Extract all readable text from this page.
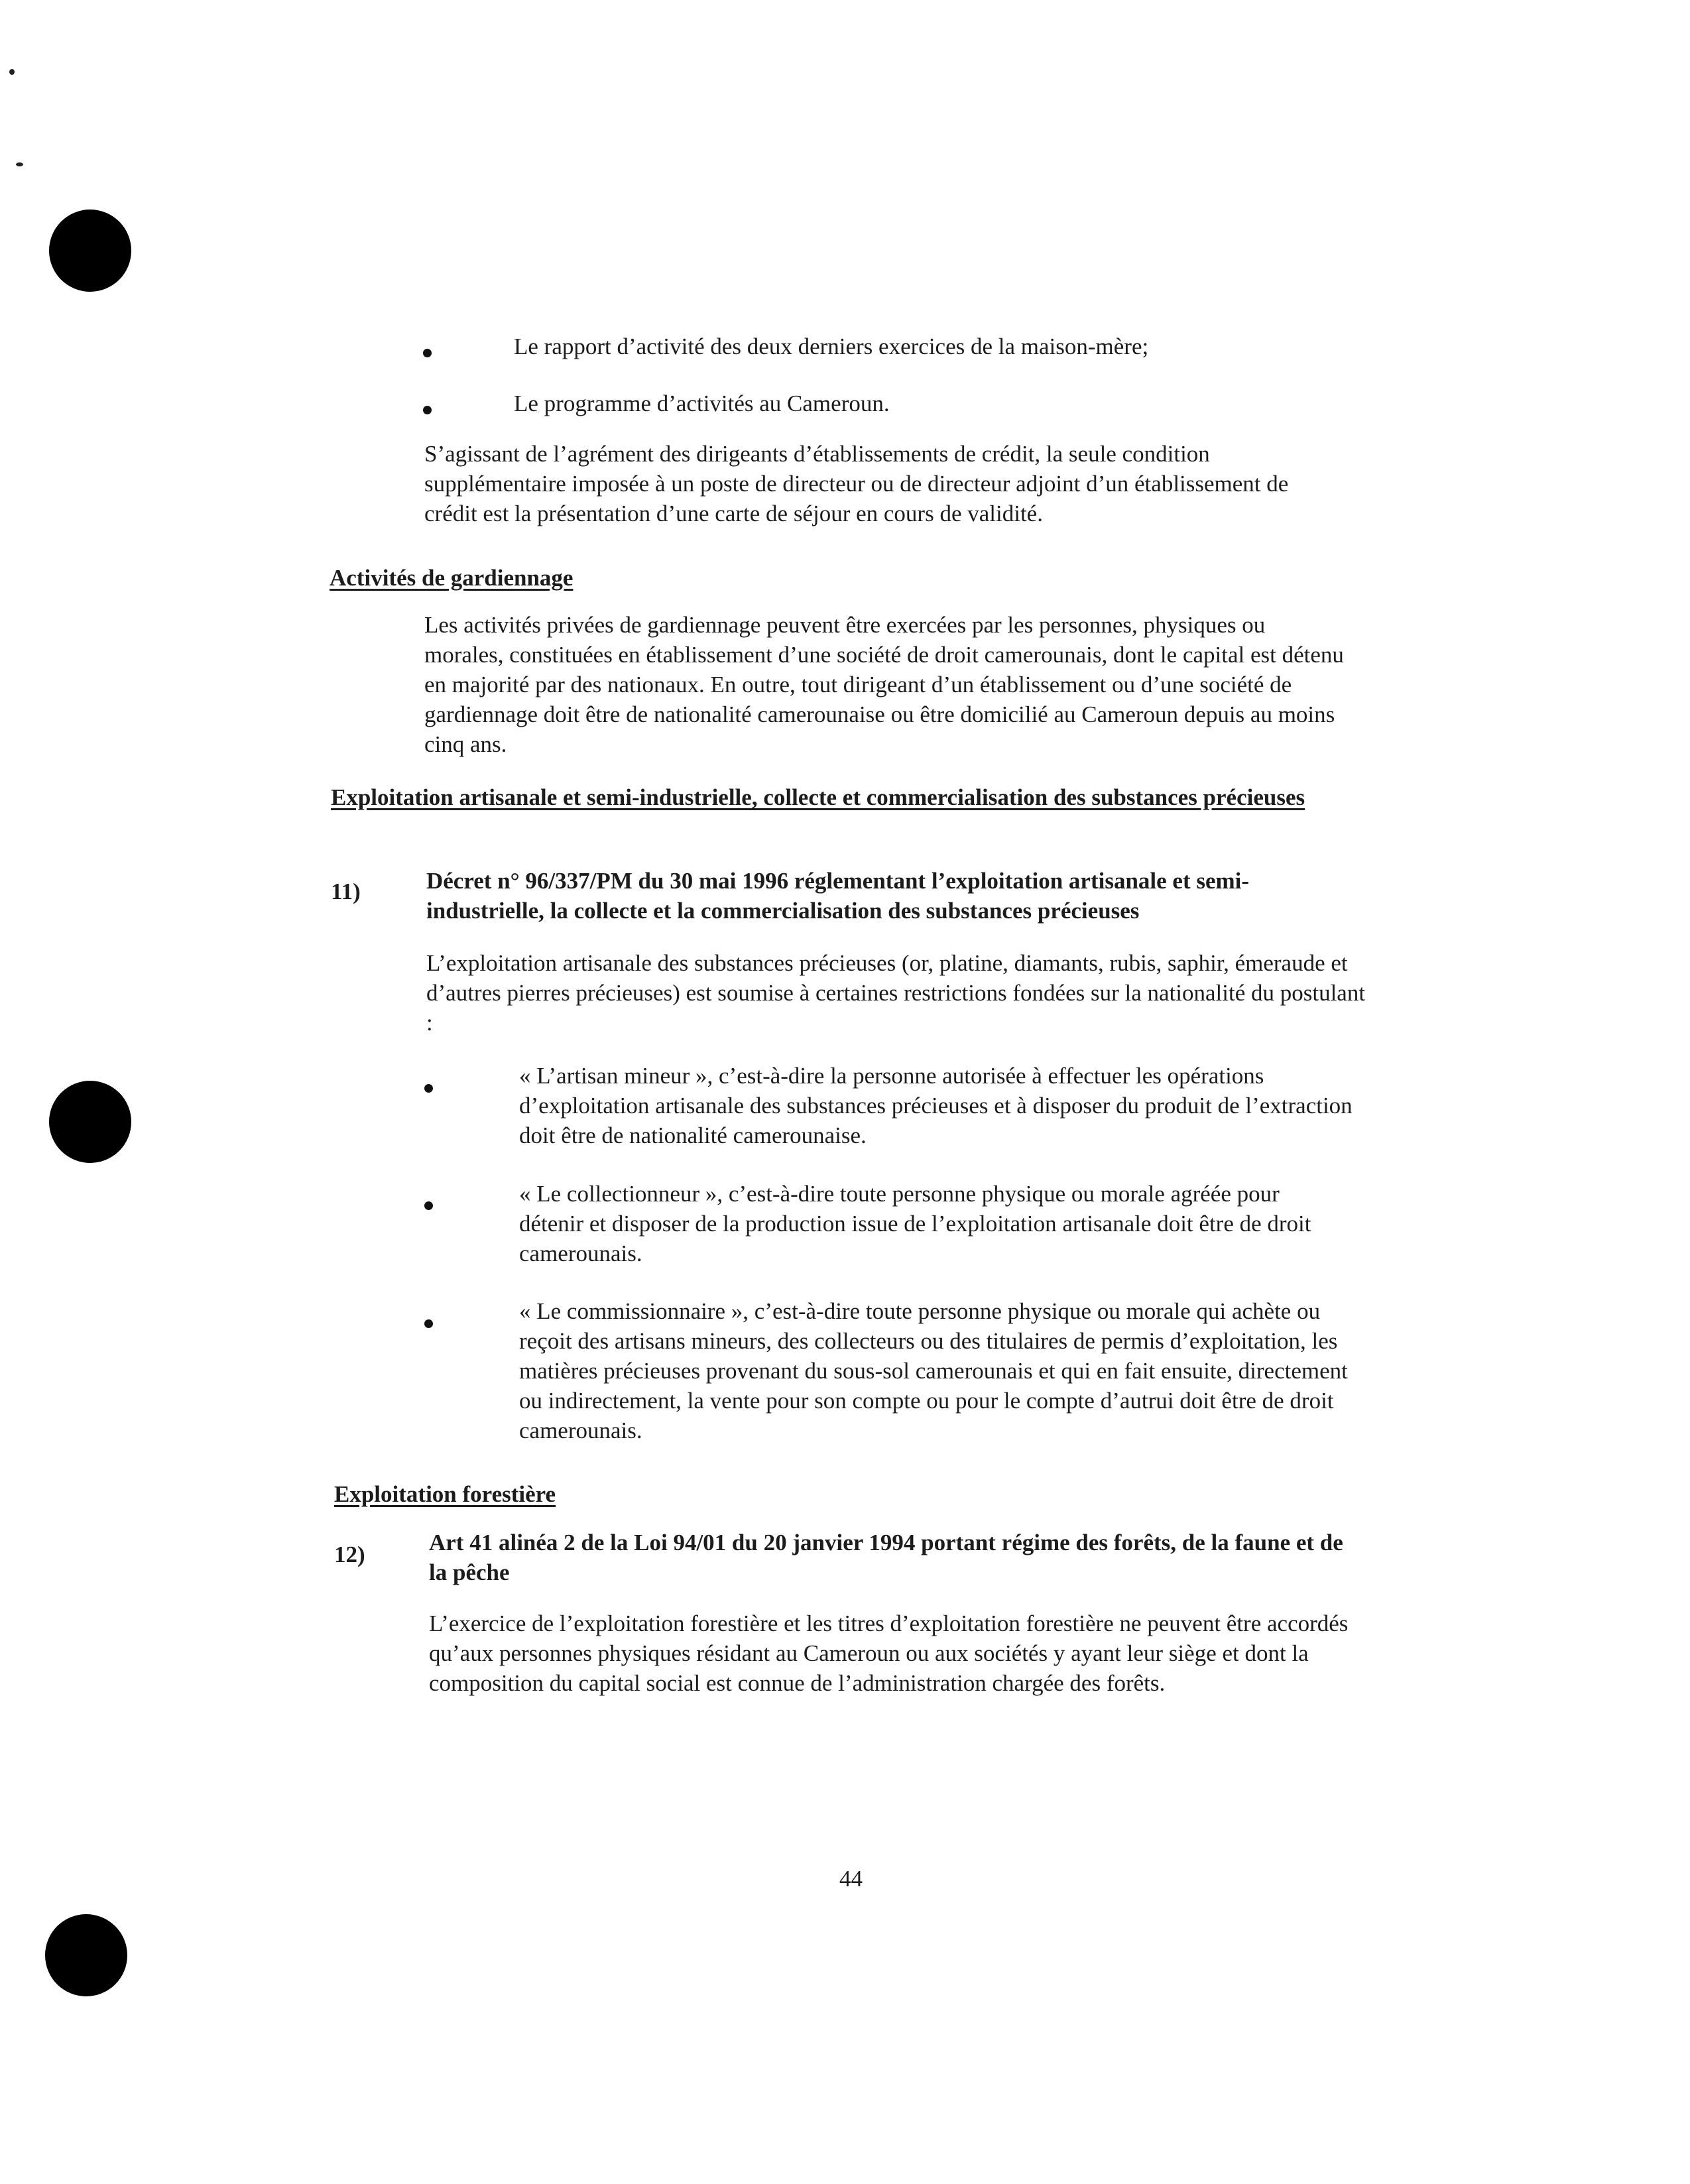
Le rapport d’activité des deux derniers exercices de la maison-mère;
Le programme d’activités au Cameroun.
S’agissant de l’agrément des dirigeants d’établissements de crédit, la seule condition supplémentaire imposée à un poste de directeur ou de directeur adjoint d’un établissement de crédit est la présentation d’une carte de séjour en cours de validité.
Activités de gardiennage
Les activités privées de gardiennage peuvent être exercées par les personnes, physiques ou morales, constituées en établissement d’une société de droit camerounais, dont le capital est détenu en majorité par des nationaux. En outre, tout dirigeant d’un établissement ou d’une société de gardiennage doit être de nationalité camerounaise ou être domicilié au Cameroun depuis au moins cinq ans.
Exploitation artisanale et semi-industrielle, collecte et commercialisation des substances précieuses
11)	Décret n° 96/337/PM du 30 mai 1996 réglementant l’exploitation artisanale et semi-industrielle, la collecte et la commercialisation des substances précieuses
L’exploitation artisanale des substances précieuses (or, platine, diamants, rubis, saphir, émeraude et d’autres pierres précieuses) est soumise à certaines restrictions fondées sur la nationalité du postulant :
« L’artisan mineur », c’est-à-dire la personne autorisée à effectuer les opérations d’exploitation artisanale des substances précieuses et à disposer du produit de l’extraction doit être de nationalité camerounaise.
« Le collectionneur », c’est-à-dire toute personne physique ou morale agréée pour détenir et disposer de la production issue de l’exploitation artisanale doit être de droit camerounais.
« Le commissionnaire », c’est-à-dire toute personne physique ou morale qui achète ou reçoit des artisans mineurs, des collecteurs ou des titulaires de permis d’exploitation, les matières précieuses provenant du sous-sol camerounais et qui en fait ensuite, directement ou indirectement, la vente pour son compte ou pour le compte d’autrui doit être de droit camerounais.
Exploitation forestière
12)	Art 41 alinéa 2 de la Loi 94/01 du 20 janvier 1994 portant régime des forêts, de la faune et de la pêche
L’exercice de l’exploitation forestière et les titres d’exploitation forestière ne peuvent être accordés qu’aux personnes physiques résidant au Cameroun ou aux sociétés y ayant leur siège et dont la composition du capital social est connue de l’administration chargée des forêts.
44
